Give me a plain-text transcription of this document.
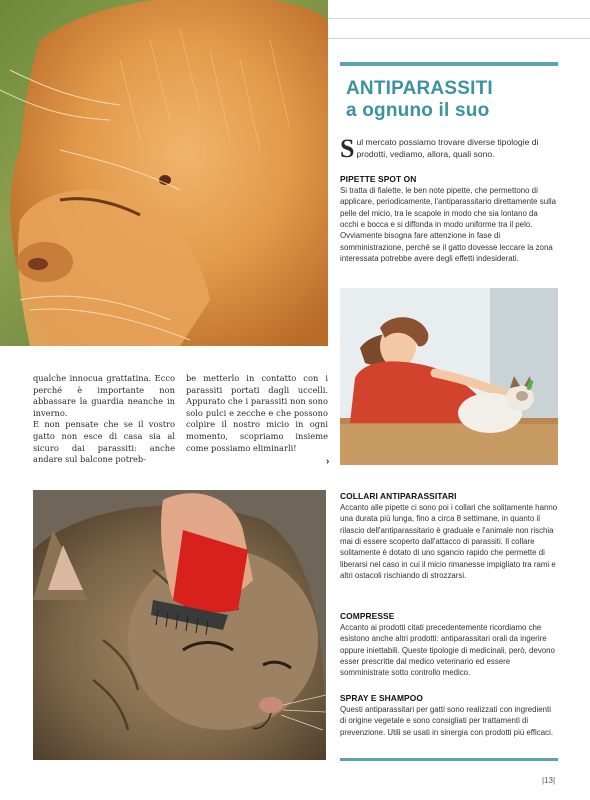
ANTIPARASSITI
a ognuno il suo
Sul mercato possiamo trovare diverse tipologie di prodotti, vediamo, allora, quali sono.
PIPETTE SPOT ON
Si tratta di fialette, le ben note pipette, che permettono di applicare, periodicamente, l'antiparassitario direttamente sulla pelle del micio, tra le scapole in modo che sia lontano da occhi e bocca e si diffonda in modo uniforme tra il pelo. Ovviamente bisogna fare attenzione in fase di somministrazione, perché se il gatto dovesse leccare la zona interessata potrebbe avere degli effetti indesiderati.

qualche innocua grattatina. Ecco perché è importante non abbassare la guardia neanche in inverno.

E non pensate che se il vostro gatto non esce di casa sia al sicuro dai parassiti: anche andare sul balcone potreb-

be metterlo in contatto con i parassiti portati dagli uccelli. Appurato che i parassiti non sono solo pulci e zecche e che possono colpire il nostro micio in ogni momento, scopriamo insieme come possiamo eliminarli!

›
COLLARI ANTIPARASSITARI
Accanto alle pipette ci sono poi i collari che solitamente hanno una durata più lunga, fino a circa 8 settimane, in quanto il rilascio dell'antiparassitario è graduale e l'animale non rischia mai di essere scoperto dall'attacco di parassiti. Il collare solitamente è dotato di uno sgancio rapido che permette di liberarsi nel caso in cui il micio rimanesse impigliato tra rami e altri ostacoli rischiando di strozzarsi.
COMPRESSE
Accanto ai prodotti citati precedentemente ricordiamo che esistono anche altri prodotti: antiparassitari orali da ingerire oppure iniettabili. Queste tipologie di medicinali, però, devono esser prescritte dal medico veterinario ed essere somministrate sotto controllo medico.
SPRAY E SHAMPOO
Questi antiparassitari per gatti sono realizzati con ingredienti di origine vegetale e sono consigliati per trattamenti di prevenzione. Utili se usati in sinergia con prodotti più efficaci.
|13|
